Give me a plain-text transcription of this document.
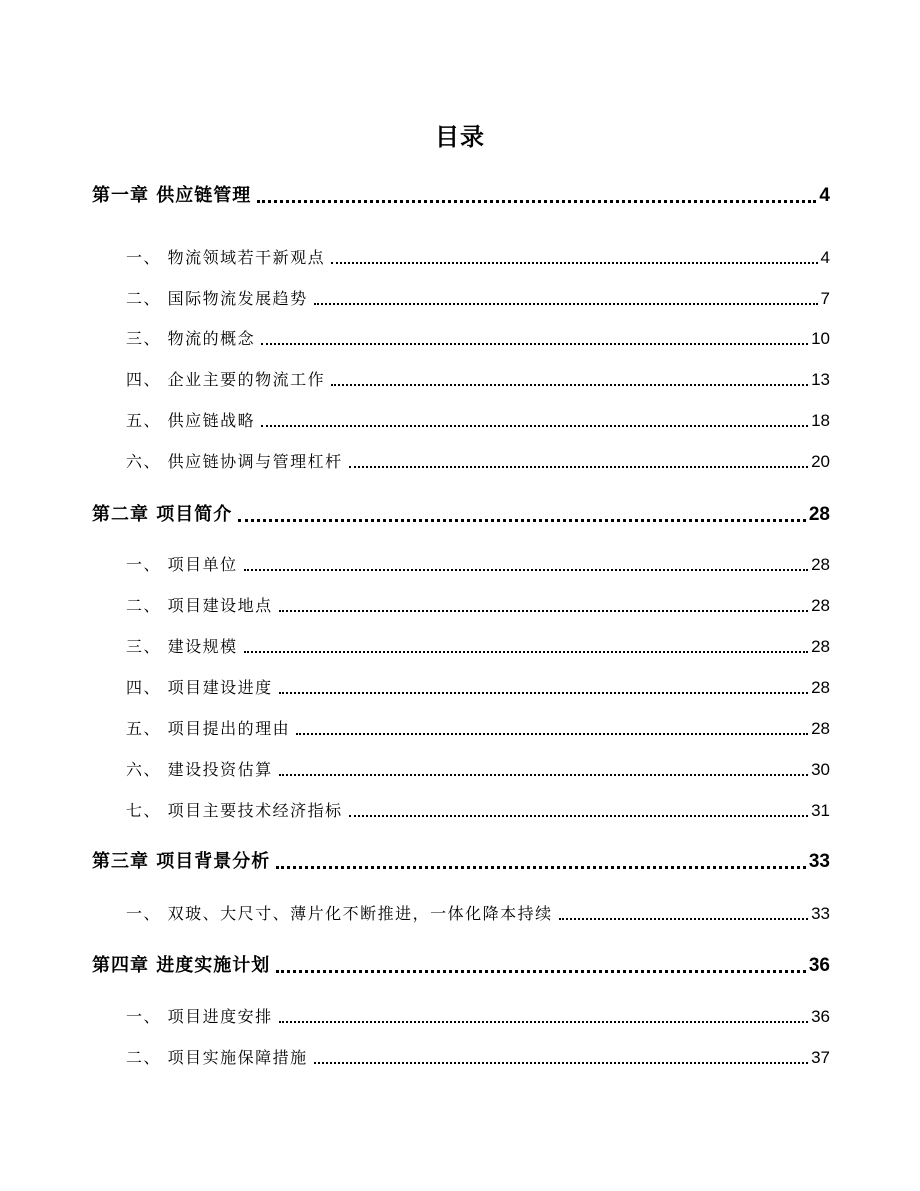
目录
第一章 供应链管理	4
一、 物流领域若干新观点	4
二、 国际物流发展趋势	7
三、 物流的概念	10
四、 企业主要的物流工作	13
五、 供应链战略	18
六、 供应链协调与管理杠杆	20
第二章 项目简介	28
一、 项目单位	28
二、 项目建设地点	28
三、 建设规模	28
四、 项目建设进度	28
五、 项目提出的理由	28
六、 建设投资估算	30
七、 项目主要技术经济指标	31
第三章 项目背景分析	33
一、 双玻、大尺寸、薄片化不断推进，一体化降本持续	33
第四章 进度实施计划	36
一、 项目进度安排	36
二、 项目实施保障措施	37
